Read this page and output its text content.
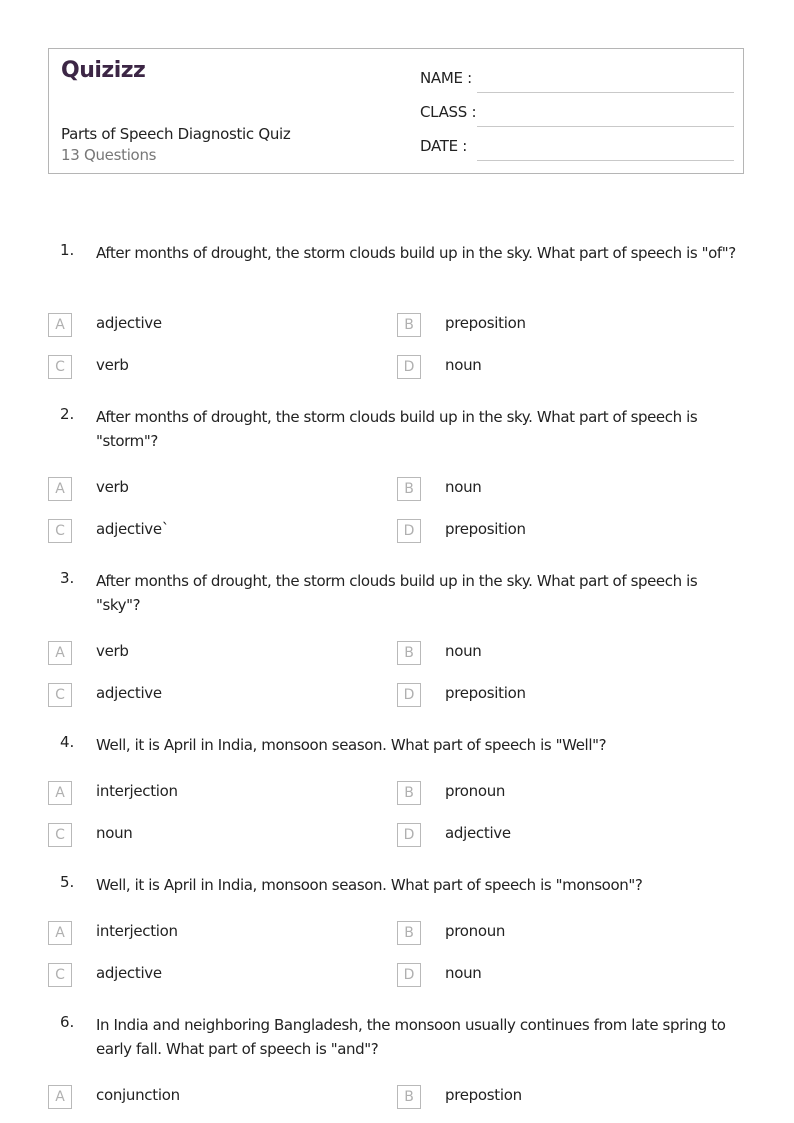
Quizizz
Parts of Speech Diagnostic Quiz
13 Questions
NAME :
CLASS :
DATE :
1. After months of drought, the storm clouds build up in the sky. What part of speech is "of"?
A	adjective	B	preposition
C	verb	D	noun
2. After months of drought, the storm clouds build up in the sky. What part of speech is "storm"?
A	verb	B	noun
C	adjective`	D	preposition
3. After months of drought, the storm clouds build up in the sky. What part of speech is "sky"?
A	verb	B	noun
C	adjective	D	preposition
4. Well, it is April in India, monsoon season. What part of speech is "Well"?
A	interjection	B	pronoun
C	noun	D	adjective
5. Well, it is April in India, monsoon season. What part of speech is "monsoon"?
A	interjection	B	pronoun
C	adjective	D	noun
6. In India and neighboring Bangladesh, the monsoon usually continues from late spring to early fall. What part of speech is "and"?
A	conjunction	B	prepostion
